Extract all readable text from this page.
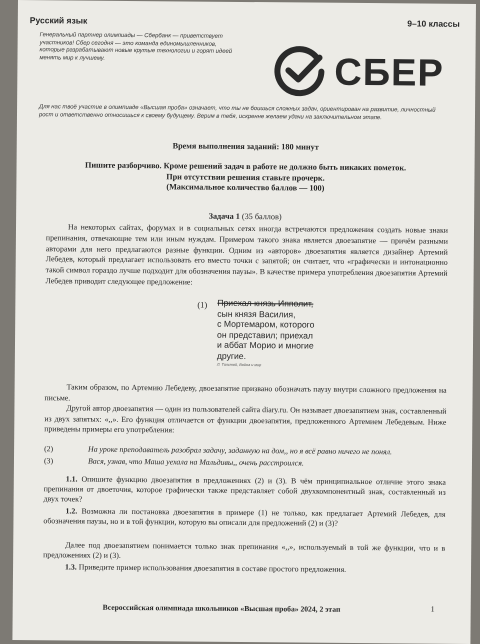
Русский язык	9–10 классы

Генеральный партнер олимпиады — Сбербанк — приветствует участников! Сбер сегодня — это команда единомышленников, которые разрабатывают новые крутые технологии и горят идеей менять мир к лучшему.	СБЕР
Для нас твоё участие в олимпиаде «Высшая проба» означает, что ты не боишься сложных задач, ориентирован на развитие, личностный рост и ответственно относишься к своему будущему. Верим в тебя, искренне желаем удачи на заключительном этапе.
Время выполнения заданий: 180 минут
Пишите разборчиво. Кроме решений задач в работе не должно быть никаких пометок.
При отсутствии решения ставьте прочерк.
(Максимальное количество баллов — 100)
Задача 1 (35 баллов)

На некоторых сайтах, форумах и в социальных сетях иногда встречаются предложения создать новые знаки препинания, отвечающие тем или иным нуждам. Примером такого знака является двоезапятие — причём разными авторами для него предлагаются разные функции. Одним из «авторов» двоезапятия является дизайнер Артемий Лебедев, который предлагает использовать его вместо точки с запятой; он считает, что «графически и интонационно такой символ гораздо лучше подходит для обозначения паузы». В качестве примера употребления двоезапятия Артемий Лебедев приводит следующее предложение:

(1) Приехал князь Ипполит,
сын князя Василия,
с Мортемаром, которого
он представил; приехал
и аббат Морио и многие
другие.
Л. Толстой, Война и мир

Таким образом, по Артемию Лебедеву, двоезапятие призвано обозначать паузу внутри сложного предложения на письме.

Другой автор двоезапятия — один из пользователей сайта diary.ru. Он называет двоезапятием знак, составленный из двух запятых: «,,». Его функция отличается от функции двоезапятия, предложенного Артемием Лебедевым. Ниже приведены примеры его употребления:

(2)	На уроке преподаватель разобрал задачу, заданную на дом,, но я всё равно ничего не понял.
(3)	Вася, узнав, что Маша уехала на Мальдивы,, очень расстроился.

1.1. Опишите функцию двоезапятия в предложениях (2) и (3). В чём принципиальное отличие этого знака препинания от двоеточия, которое графически также представляет собой двухкомпонентный знак, составленный из двух точек?

1.2. Возможна ли постановка двоезапятия в примере (1) не только, как предлагает Артемий Лебедев, для обозначения паузы, но и в той функции, которую вы описали для предложений (2) и (3)?

Далее под двоезапятием понимается только знак препинания «,,», используемый в той же функции, что и в предложениях (2) и (3).

1.3. Приведите пример использования двоезапятия в составе простого предложения.

Всероссийская олимпиада школьников «Высшая проба» 2024, 2 этап	1
